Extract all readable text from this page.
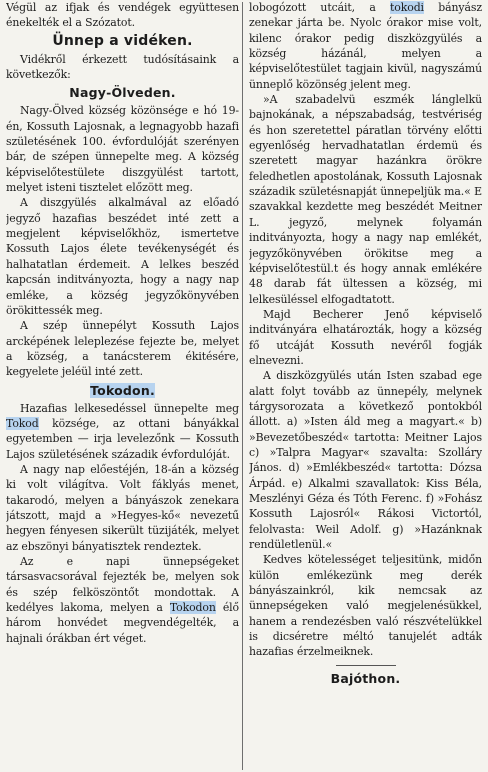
Végül az ifjak és vendégek együttesen énekelték el a Szózatot.

Ünnep a vidéken.

Vidékről érkezett tudósításaink a következők:

Nagy-Ölveden.

Nagy-Ölved község közönsége e hó 19-én, Kossuth Lajosnak, a legnagyobb hazafi születésének 100. évfordulóját szerényen bár, de szépen ünnepelte meg. A község képviselőtestülete diszgyülést tartott, melyet isteni tisztelet előzött meg.

A diszgyülés alkalmával az előadó jegyző hazafias beszédet inté zett a megjelent képviselőkhöz, ismertetve Kossuth Lajos élete tevékenységét és halhatatlan érdemeit. A lelkes beszéd kapcsán inditványozta, hogy a nagy nap emléke, a község jegyzőkönyvében örökittessék meg.

A szép ünnepélyt Kossuth Lajos arcképének leleplezése fejezte be, melyet a község, a tanácsterem ékitésére, kegyelete jeléül inté zett.

Tokodon.

Hazafias lelkesedéssel ünnepelte meg Tokod községe, az ottani bányákkal egyetemben — irja levelezőnk — Kossuth Lajos születésének századik évfordulóját.

A nagy nap előestéjén, 18-án a község ki volt világítva. Volt fáklyás menet, takarodó, melyen a bányászok zenekara játszott, majd a »Hegyes-kő« nevezetű hegyen fényesen sikerült tüzijáték, melyet az ebszönyi bányatisztek rendeztek.

Az e napi ünnepségeket társasvacsorával fejezték be, melyen sok és szép felköszöntőt mondottak. A kedélyes lakoma, melyen a Tokodon élő három honvédet megvendégelték, a hajnali órákban ért véget.

lobogózott utcáit, a tokodi bányász zenekar járta be. Nyolc órakor mise volt, kilenc órakor pedig diszközgyülés a község házánál, melyen a képviselőtestület tagjain kivül, nagyszámú ünneplő közönség jelent meg.

»A szabadelvü eszmék lánglelkü bajnokának, a népszabadság, testvériség és hon szeretettel páratlan törvény előtti egyenlőség hervadhatatlan érdemü és szeretett magyar hazánkra örökre feledhetlen apostolának, Kossuth Lajosnak századik születésnapját ünnepeljük ma.« E szavakkal kezdette meg beszédét Meitner L. jegyző, melynek folyamán inditványozta, hogy a nagy nap emlékét, jegyzőkönyvében örökitse meg a képviselőtestül.t és hogy annak emlékére 48 darab fát ültessen a község, mi lelkesüléssel elfogadtatott.

Majd Becherer Jenő képviselő inditványára elhatározták, hogy a község fő utcáját Kossuth nevéről fogják elnevezni.

A diszközgyülés után Isten szabad ege alatt folyt tovább az ünnepély, melynek tárgysorozata a következő pontokból állott. a) »Isten áld meg a magyart.« b) »Bevezetőbeszéd« tartotta: Meitner Lajos c) »Talpra Magyar« szavalta: Szolláry János. d) »Emlékbeszéd« tartotta: Dózsa Árpád. e) Alkalmi szavallatok: Kiss Béla, Meszlényi Géza és Tóth Ferenc. f) »Fohász Kossuth Lajosról« Rákosi Victortól, felolvasta: Weil Adolf. g) »Hazánknak rendületlenül.«

Kedves kötelességet teljesitünk, midőn külön emlékezünk meg derék bányászainkról, kik nemcsak az ünnepségeken való megjelenésükkel, hanem a rendezésben való részvételükkel is dicséretre méltó tanujelét adták hazafias érzelmeiknek.

Bajóthon.
